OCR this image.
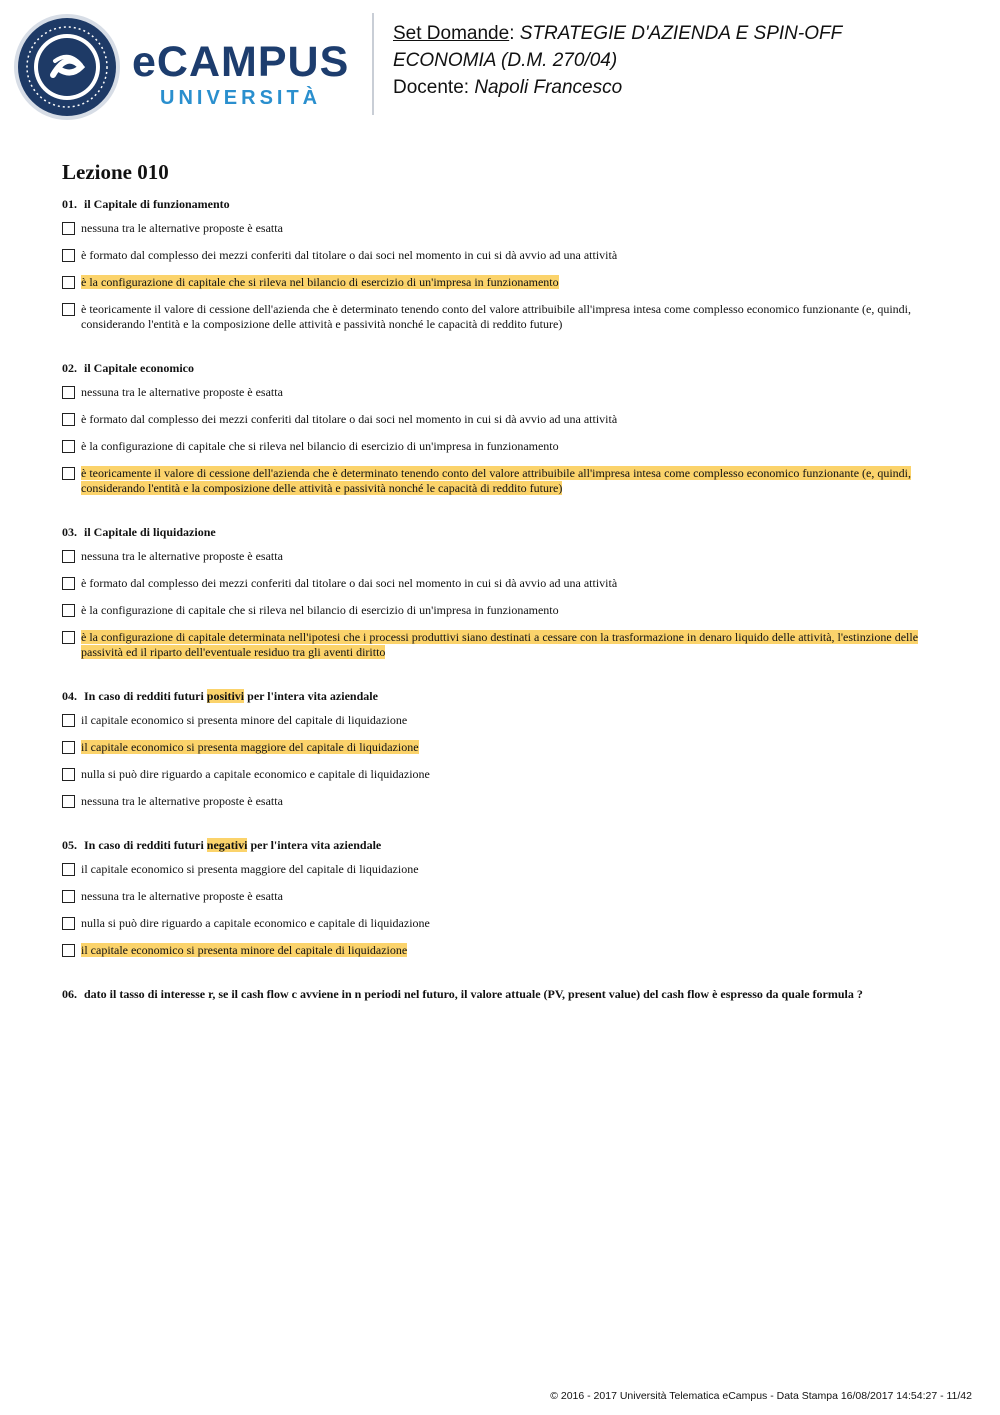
eCAMPUS
UNIVERSITÀ
Set Domande: STRATEGIE D'AZIENDA E SPIN-OFF
ECONOMIA (D.M. 270/04)
Docente: Napoli Francesco
Lezione 010
01. il Capitale di funzionamento
nessuna tra le alternative proposte è esatta
è formato dal complesso dei mezzi conferiti dal titolare o dai soci nel momento in cui si dà avvio ad una attività
è la configurazione di capitale che si rileva nel bilancio di esercizio di un'impresa in funzionamento
è teoricamente il valore di cessione dell'azienda che è determinato tenendo conto del valore attribuibile all'impresa intesa come complesso economico funzionante (e, quindi, considerando l'entità e la composizione delle attività e passività nonché le capacità di reddito future)
02. il Capitale economico
nessuna tra le alternative proposte è esatta
è formato dal complesso dei mezzi conferiti dal titolare o dai soci nel momento in cui si dà avvio ad una attività
è la configurazione di capitale che si rileva nel bilancio di esercizio di un'impresa in funzionamento
è teoricamente il valore di cessione dell'azienda che è determinato tenendo conto del valore attribuibile all'impresa intesa come complesso economico funzionante (e, quindi, considerando l'entità e la composizione delle attività e passività nonché le capacità di reddito future)
03. il Capitale di liquidazione
nessuna tra le alternative proposte è esatta
è formato dal complesso dei mezzi conferiti dal titolare o dai soci nel momento in cui si dà avvio ad una attività
è la configurazione di capitale che si rileva nel bilancio di esercizio di un'impresa in funzionamento
è la configurazione di capitale determinata nell'ipotesi che i processi produttivi siano destinati a cessare con la trasformazione in denaro liquido delle attività, l'estinzione delle passività ed il riparto dell'eventuale residuo tra gli aventi diritto
04. In caso di redditi futuri positivi per l'intera vita aziendale
il capitale economico si presenta minore del capitale di liquidazione
il capitale economico si presenta maggiore del capitale di liquidazione
nulla si può dire riguardo a capitale economico e capitale di liquidazione
nessuna tra le alternative proposte è esatta
05. In caso di redditi futuri negativi per l'intera vita aziendale
il capitale economico si presenta maggiore del capitale di liquidazione
nessuna tra le alternative proposte è esatta
nulla si può dire riguardo a capitale economico e capitale di liquidazione
il capitale economico si presenta minore del capitale di liquidazione
06. dato il tasso di interesse r, se il cash flow c avviene in n periodi nel futuro, il valore attuale (PV, present value) del cash flow è espresso da quale formula ?
© 2016 - 2017 Università Telematica eCampus - Data Stampa 16/08/2017 14:54:27 - 11/42
